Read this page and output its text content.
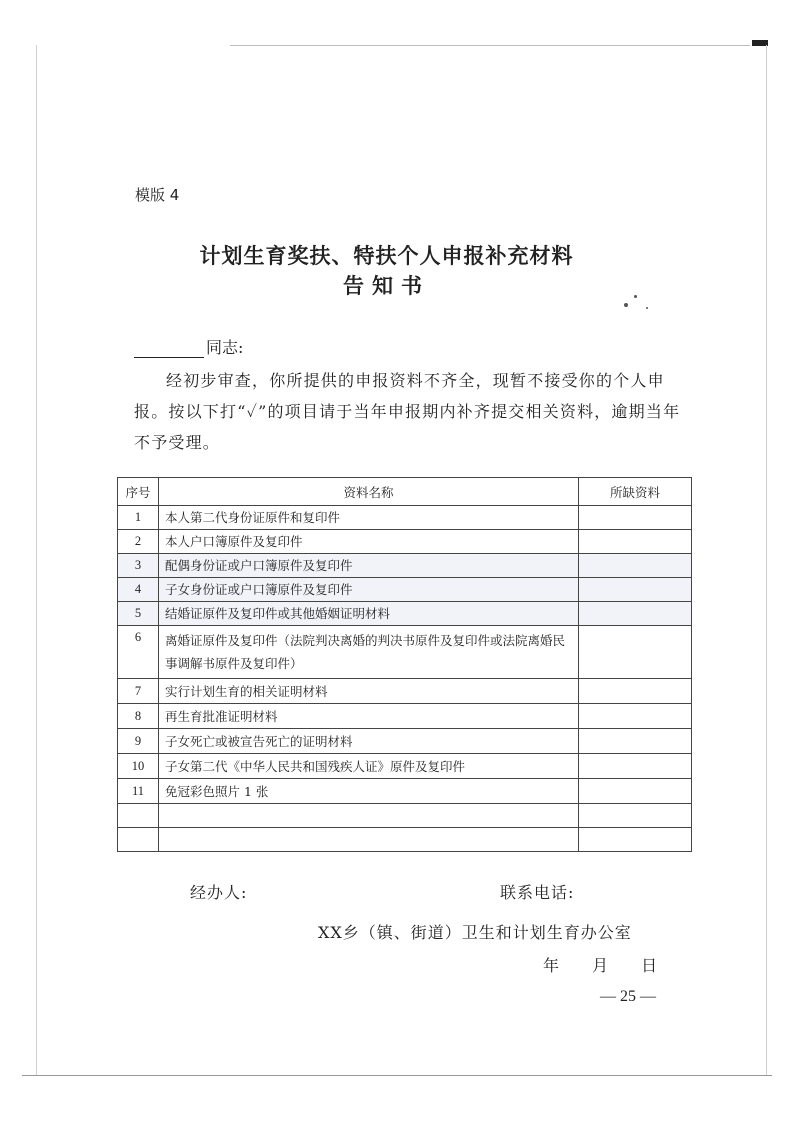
模版 4
计划生育奖扶、特扶个人申报补充材料
告知书
同志:

经初步审查，你所提供的申报资料不齐全，现暂不接受你的个人申报。按以下打“✓”的项目请于当年申报期内补齐提交相关资料，逾期当年不予受理。

序号	资料名称	所缺资料
1	本人第二代身份证原件和复印件	
2	本人户口簿原件及复印件	
3	配偶身份证或户口簿原件及复印件	
4	子女身份证或户口簿原件及复印件	
5	结婚证原件及复印件或其他婚姻证明材料	
6	离婚证原件及复印件（法院判决离婚的判决书原件及复印件或法院离婚民事调解书原件及复印件）	
7	实行计划生育的相关证明材料	
8	再生育批准证明材料	
9	子女死亡或被宣告死亡的证明材料	
10	子女第二代《中华人民共和国残疾人证》原件及复印件	
11	免冠彩色照片 1 张	

经办人:	联系电话:
XX乡（镇、街道）卫生和计划生育办公室
年 月 日
— 25 —
